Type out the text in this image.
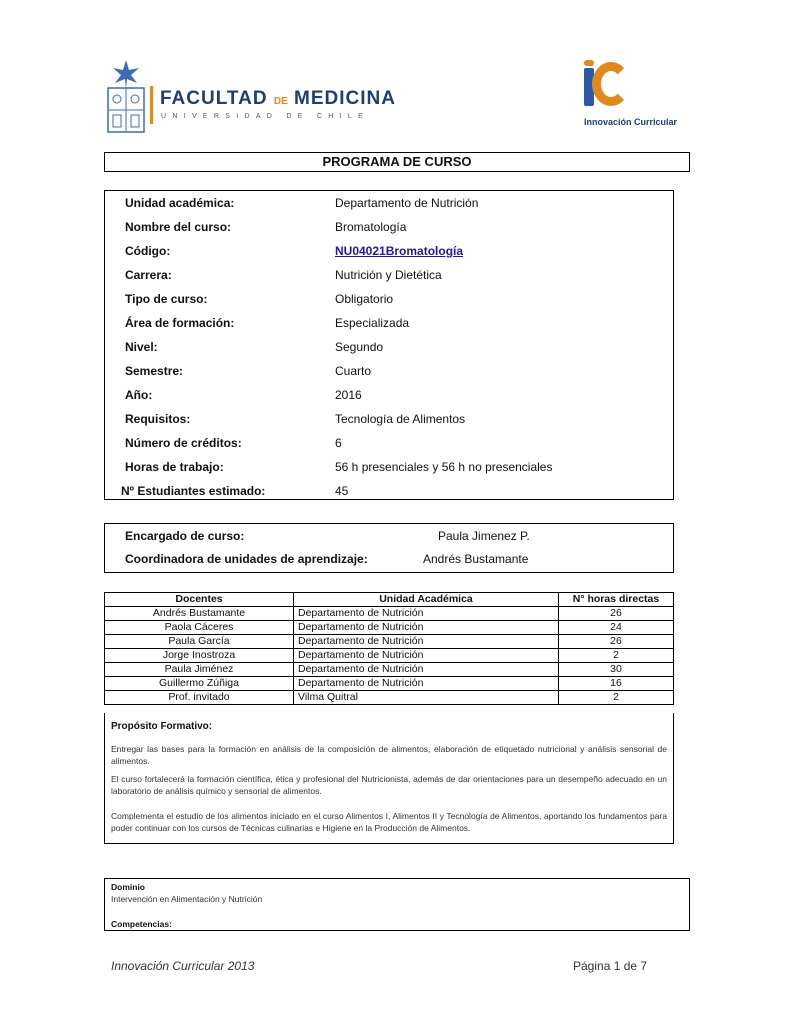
FACULTAD DE MEDICINA
UNIVERSIDAD DE CHILE
Innovación Curricular
PROGRAMA DE CURSO
Unidad académica:	Departamento de Nutrición
Nombre del curso:	Bromatología
Código:	NU04021Bromatología
Carrera:	Nutrición y Dietética
Tipo de curso:	Obligatorio
Área de formación:	Especializada
Nivel:	Segundo
Semestre:	Cuarto
Año:	2016
Requisitos:	Tecnología de Alimentos
Número de créditos:	6
Horas de trabajo:	56 h presenciales y 56 h no presenciales
Nº Estudiantes estimado:	45
Encargado de curso:	Paula Jimenez P.
Coordinadora de unidades de aprendizaje:	Andrés Bustamante
Docentes	Unidad Académica	N° horas directas
Andrés Bustamante	Departamento de Nutrición	26
Paola Cáceres	Departamento de Nutrición	24
Paula García	Departamento de Nutrición	26
Jorge Inostroza	Departamento de Nutrición	2
Paula Jiménez	Departamento de Nutrición	30
Guillermo Zúñiga	Departamento de Nutrición	16
Prof. invitado	Vilma Quitral	2
Propósito Formativo:
Entregar las bases para la formación en análisis de la composición de alimentos, elaboración de etiquetado nutricional y análisis sensorial de alimentos.
El curso fortalecerá la formación científica, ética y profesional del Nutricionista, además de dar orientaciones para un desempeño adecuado en un laboratorio de análisis químico y sensorial de alimentos.
Complementa el estudio de los alimentos iniciado en el curso Alimentos I, Alimentos II y Tecnología de Alimentos, aportando los fundamentos para poder continuar con los cursos de Técnicas culinarias e Higiene en la Producción de Alimentos.
Dominio
Intervención en Alimentación y Nutrición
Competencias:
Innovación Curricular 2013	Página 1 de 7
